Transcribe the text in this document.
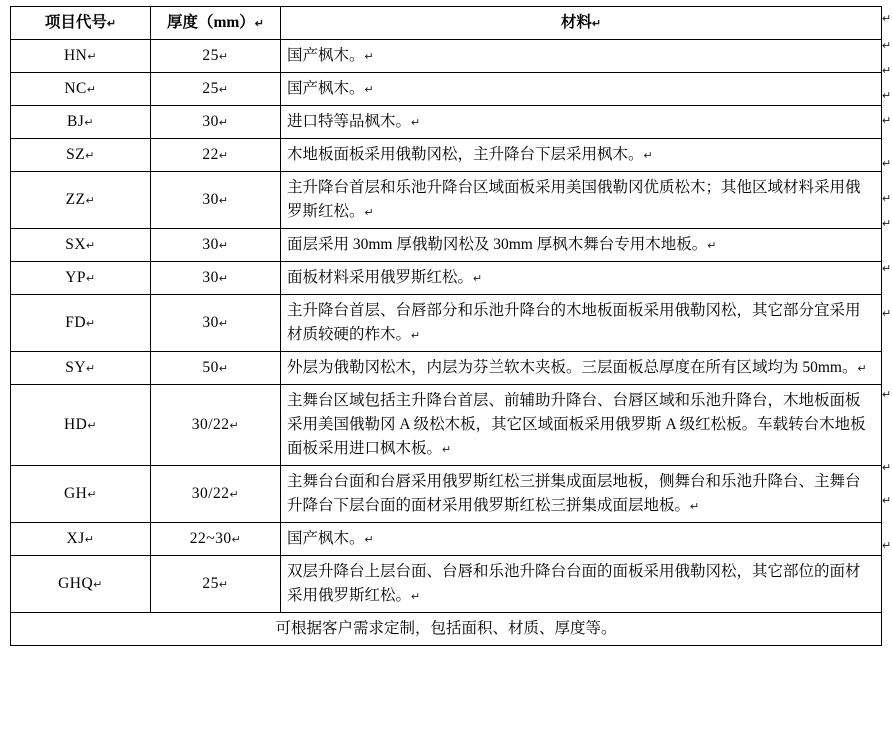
项目代号↵	厚度（mm）↵	材料↵
HN↵	25↵	国产枫木。↵
NC↵	25↵	国产枫木。↵
BJ↵	30↵	进口特等品枫木。↵
SZ↵	22↵	木地板面板采用俄勒冈松，主升降台下层采用枫木。↵
ZZ↵	30↵	主升降台首层和乐池升降台区域面板采用美国俄勒冈优质松木；其他区域材料采用俄罗斯红松。↵
SX↵	30↵	面层采用 30mm 厚俄勒冈松及 30mm 厚枫木舞台专用木地板。↵
YP↵	30↵	面板材料采用俄罗斯红松。↵
FD↵	30↵	主升降台首层、台唇部分和乐池升降台的木地板面板采用俄勒冈松，其它部分宜采用材质较硬的柞木。↵
SY↵	50↵	外层为俄勒冈松木，内层为芬兰软木夹板。三层面板总厚度在所有区域均为 50mm。↵
HD↵	30/22↵	主舞台区域包括主升降台首层、前辅助升降台、台唇区域和乐池升降台，木地板面板采用美国俄勒冈 A 级松木板，其它区域面板采用俄罗斯 A 级红松板。车载转台木地板面板采用进口枫木板。↵
GH↵	30/22↵	主舞台台面和台唇采用俄罗斯红松三拼集成面层地板，侧舞台和乐池升降台、主舞台升降台下层台面的面材采用俄罗斯红松三拼集成面层地板。↵
XJ↵	22~30↵	国产枫木。↵
GHQ↵	25↵	双层升降台上层台面、台唇和乐池升降台台面的面板采用俄勒冈松，其它部位的面材采用俄罗斯红松。↵
可根据客户需求定制，包括面积、材质、厚度等。		
↵
↵
↵
↵
↵
↵
↵
↵
↵
↵
↵
↵
↵
↵
